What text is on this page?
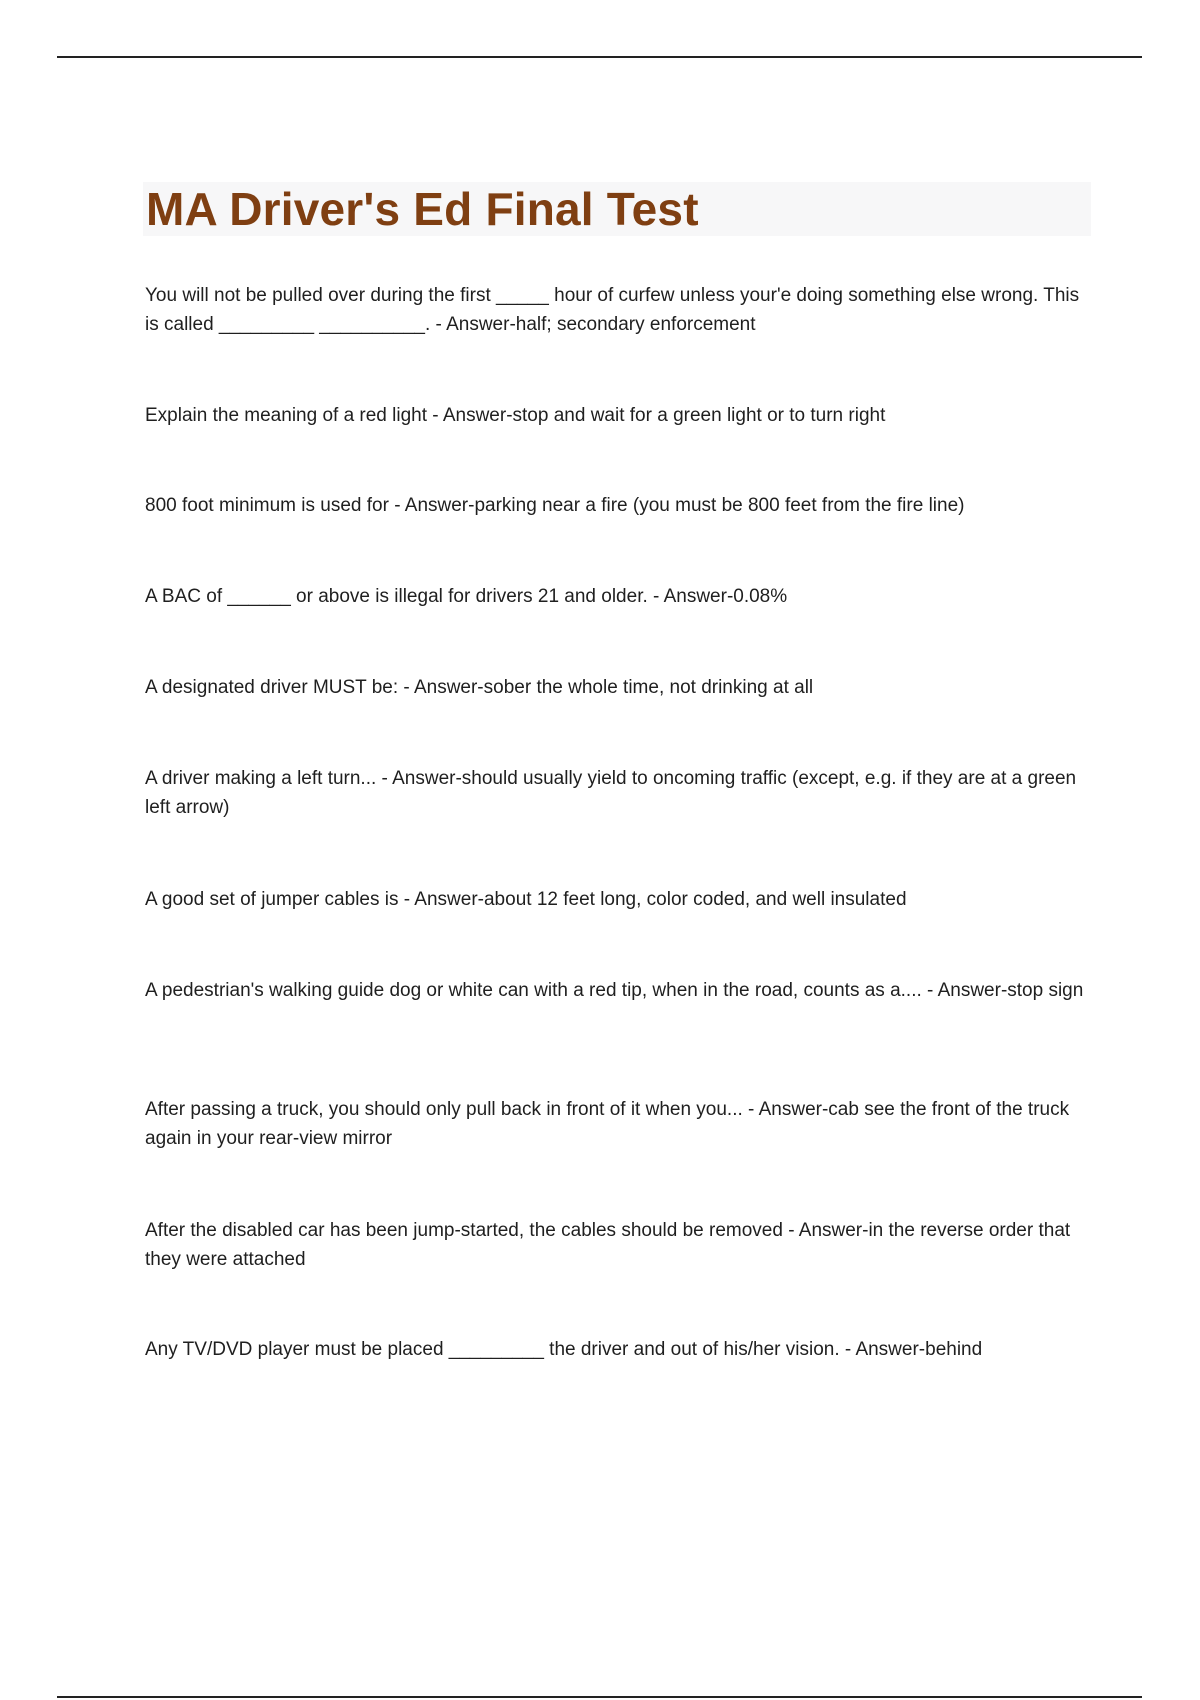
MA Driver's Ed Final Test
You will not be pulled over during the first _____ hour of curfew unless your'e doing something else wrong. This is called _________ __________. - Answer-half; secondary enforcement
Explain the meaning of a red light - Answer-stop and wait for a green light or to turn right
800 foot minimum is used for - Answer-parking near a fire (you must be 800 feet from the fire line)
A BAC of ______ or above is illegal for drivers 21 and older. - Answer-0.08%
A designated driver MUST be: - Answer-sober the whole time, not drinking at all
A driver making a left turn... - Answer-should usually yield to oncoming traffic (except, e.g. if they are at a green left arrow)
A good set of jumper cables is - Answer-about 12 feet long, color coded, and well insulated
A pedestrian's walking guide dog or white can with a red tip, when in the road, counts as a.... - Answer-stop sign
After passing a truck, you should only pull back in front of it when you... - Answer-cab see the front of the truck again in your rear-view mirror
After the disabled car has been jump-started, the cables should be removed - Answer-in the reverse order that they were attached
Any TV/DVD player must be placed _________ the driver and out of his/her vision. - Answer-behind
